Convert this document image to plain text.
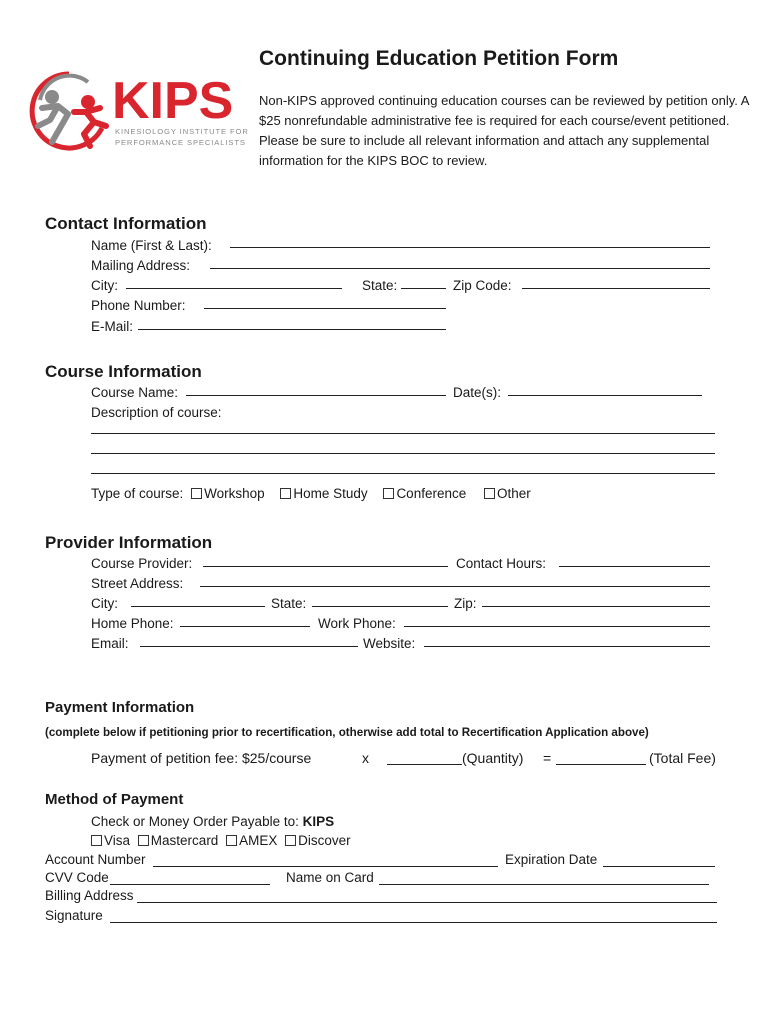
KIPS
KINESIOLOGY INSTITUTE FOR
PERFORMANCE SPECIALISTS
Continuing Education Petition Form
Non-KIPS approved continuing education courses can be reviewed by petition only. A $25 nonrefundable administrative fee is required for each course/event petitioned. Please be sure to include all relevant information and attach any supplemental information for the KIPS BOC to review.
Contact Information
Name (First & Last):
Mailing Address:
City:	State:	Zip Code:
Phone Number:
E-Mail:
Course Information
Course Name:	Date(s):
Description of course:
Type of course: Workshop Home Study Conference Other
Provider Information
Course Provider:	Contact Hours:
Street Address:
City:	State:	Zip:
Home Phone:	Work Phone:
Email:	Website:
Payment Information
(complete below if petitioning prior to recertification, otherwise add total to Recertification Application above)
Payment of petition fee: $25/course	x	(Quantity) =	(Total Fee)
Method of Payment
Check or Money Order Payable to: KIPS
Visa Mastercard AMEX Discover
Account Number	Expiration Date
CVV Code	Name on Card
Billing Address
Signature
